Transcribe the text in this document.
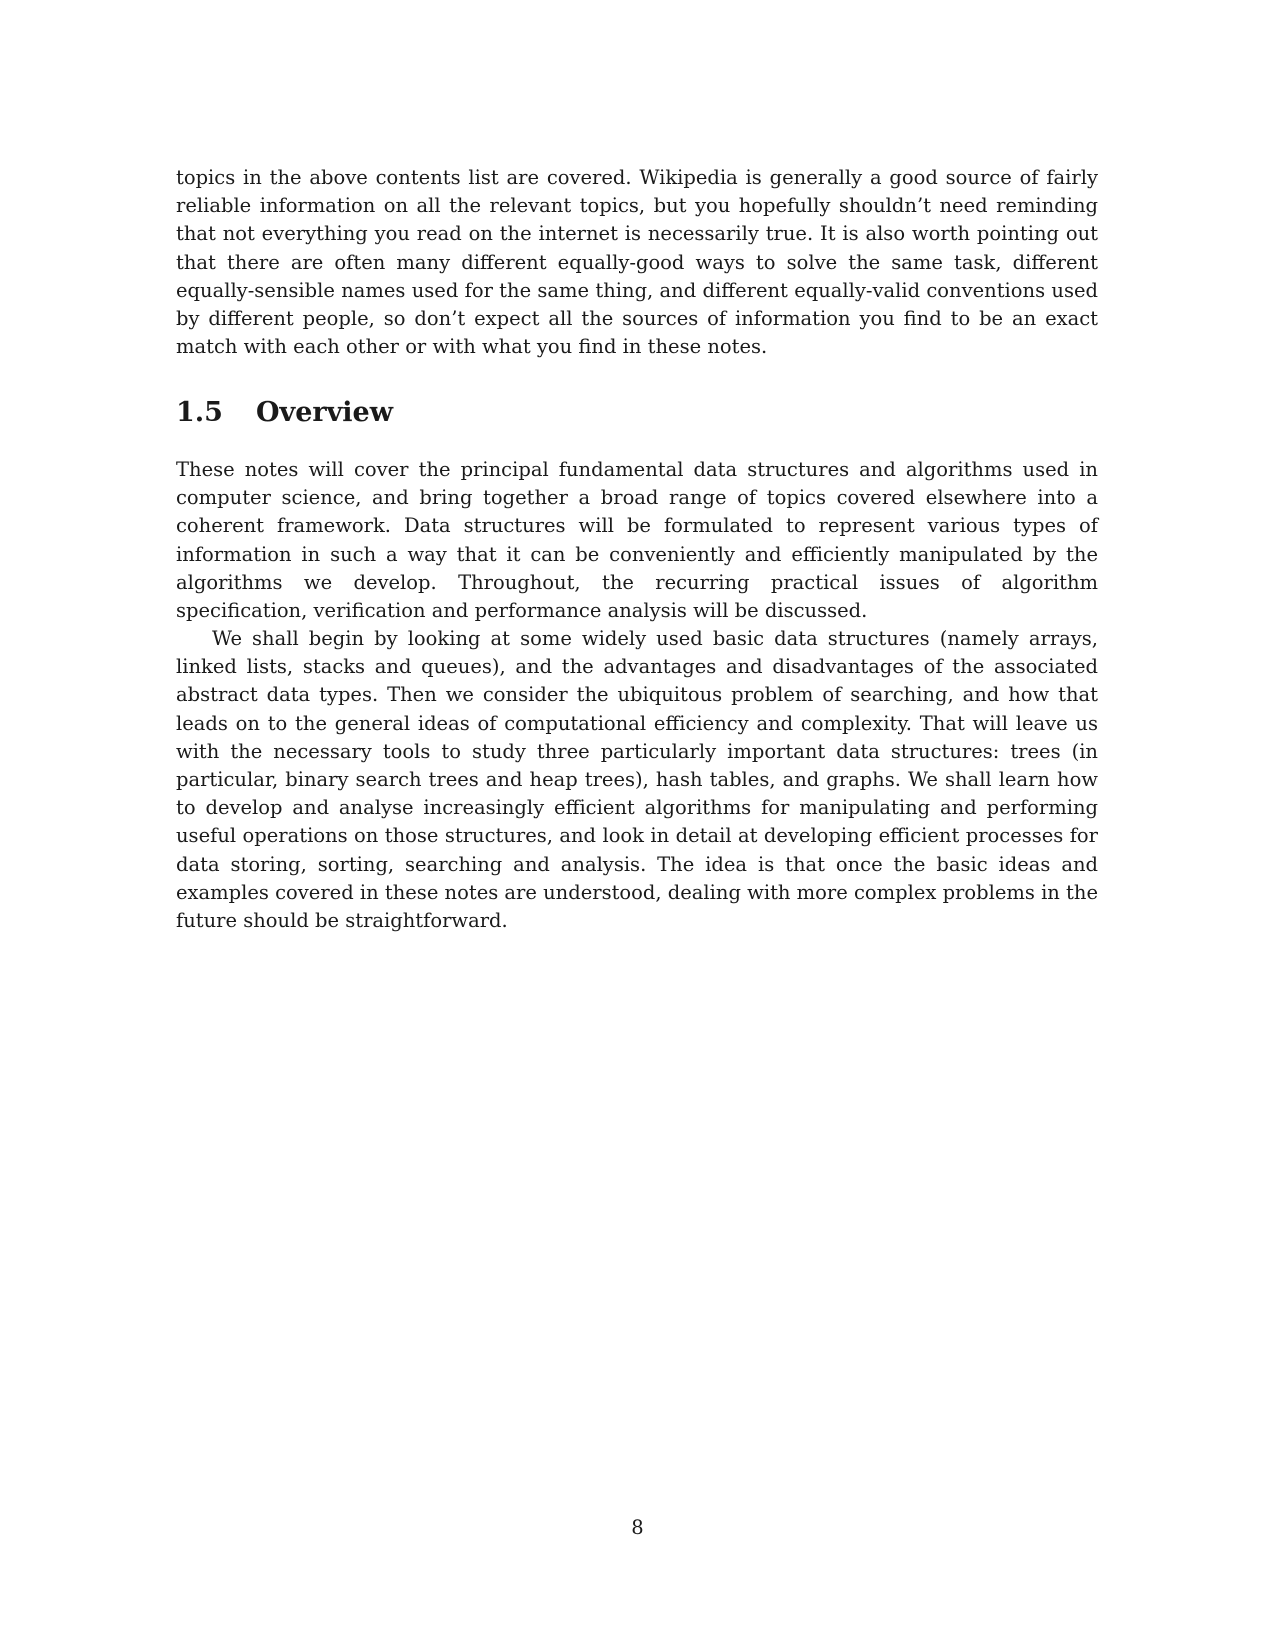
topics in the above contents list are covered. Wikipedia is generally a good source of fairly reliable information on all the relevant topics, but you hopefully shouldn’t need reminding that not everything you read on the internet is necessarily true. It is also worth pointing out that there are often many different equally-good ways to solve the same task, different equally-sensible names used for the same thing, and different equally-valid conventions used by different people, so don’t expect all the sources of information you find to be an exact match with each other or with what you find in these notes.

1.5 Overview

These notes will cover the principal fundamental data structures and algorithms used in computer science, and bring together a broad range of topics covered elsewhere into a coherent framework. Data structures will be formulated to represent various types of information in such a way that it can be conveniently and efficiently manipulated by the algorithms we develop. Throughout, the recurring practical issues of algorithm specification, verification and performance analysis will be discussed.

We shall begin by looking at some widely used basic data structures (namely arrays, linked lists, stacks and queues), and the advantages and disadvantages of the associated abstract data types. Then we consider the ubiquitous problem of searching, and how that leads on to the general ideas of computational efficiency and complexity. That will leave us with the necessary tools to study three particularly important data structures: trees (in particular, binary search trees and heap trees), hash tables, and graphs. We shall learn how to develop and analyse increasingly efficient algorithms for manipulating and performing useful operations on those structures, and look in detail at developing efficient processes for data storing, sorting, searching and analysis. The idea is that once the basic ideas and examples covered in these notes are understood, dealing with more complex problems in the future should be straightforward.

8
